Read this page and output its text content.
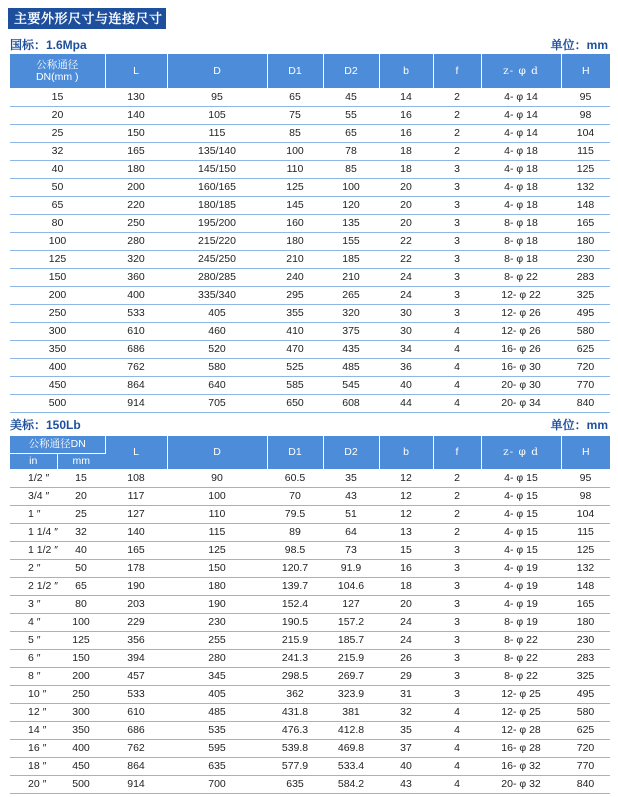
主要外形尺寸与连接尺寸
国标：1.6Mpa	单位：mm
公称通径
DN(mm )	L	D	D1	D2	b	f	z- φ d	H
15	130	95	65	45	14	2	4- φ 14	95
20	140	105	75	55	16	2	4- φ 14	98
25	150	115	85	65	16	2	4- φ 14	104
32	165	135/140	100	78	18	2	4- φ 18	115
40	180	145/150	110	85	18	3	4- φ 18	125
50	200	160/165	125	100	20	3	4- φ 18	132
65	220	180/185	145	120	20	3	4- φ 18	148
80	250	195/200	160	135	20	3	8- φ 18	165
100	280	215/220	180	155	22	3	8- φ 18	180
125	320	245/250	210	185	22	3	8- φ 18	230
150	360	280/285	240	210	24	3	8- φ 22	283
200	400	335/340	295	265	24	3	12- φ 22	325
250	533	405	355	320	30	3	12- φ 26	495
300	610	460	410	375	30	4	12- φ 26	580
350	686	520	470	435	34	4	16- φ 26	625
400	762	580	525	485	36	4	16- φ 30	720
450	864	640	585	545	40	4	20- φ 30	770
500	914	705	650	608	44	4	20- φ 34	840
美标：150Lb	单位：mm
公称通径DN		L	D	D1	D2	b	f	z- φ d	H
in	mm								
1/2 ″	15	108	90	60.5	35	12	2	4- φ 15	95
3/4 ″	20	117	100	70	43	12	2	4- φ 15	98
1 ″	25	127	110	79.5	51	12	2	4- φ 15	104
1 1/4 ″	32	140	115	89	64	13	2	4- φ 15	115
1 1/2 ″	40	165	125	98.5	73	15	3	4- φ 15	125
2 ″	50	178	150	120.7	91.9	16	3	4- φ 19	132
2 1/2 ″	65	190	180	139.7	104.6	18	3	4- φ 19	148
3 ″	80	203	190	152.4	127	20	3	4- φ 19	165
4 ″	100	229	230	190.5	157.2	24	3	8- φ 19	180
5 ″	125	356	255	215.9	185.7	24	3	8- φ 22	230
6 ″	150	394	280	241.3	215.9	26	3	8- φ 22	283
8 ″	200	457	345	298.5	269.7	29	3	8- φ 22	325
10 ″	250	533	405	362	323.9	31	3	12- φ 25	495
12 ″	300	610	485	431.8	381	32	4	12- φ 25	580
14 ″	350	686	535	476.3	412.8	35	4	12- φ 28	625
16 ″	400	762	595	539.8	469.8	37	4	16- φ 28	720
18 ″	450	864	635	577.9	533.4	40	4	16- φ 32	770
20 ″	500	914	700	635	584.2	43	4	20- φ 32	840
